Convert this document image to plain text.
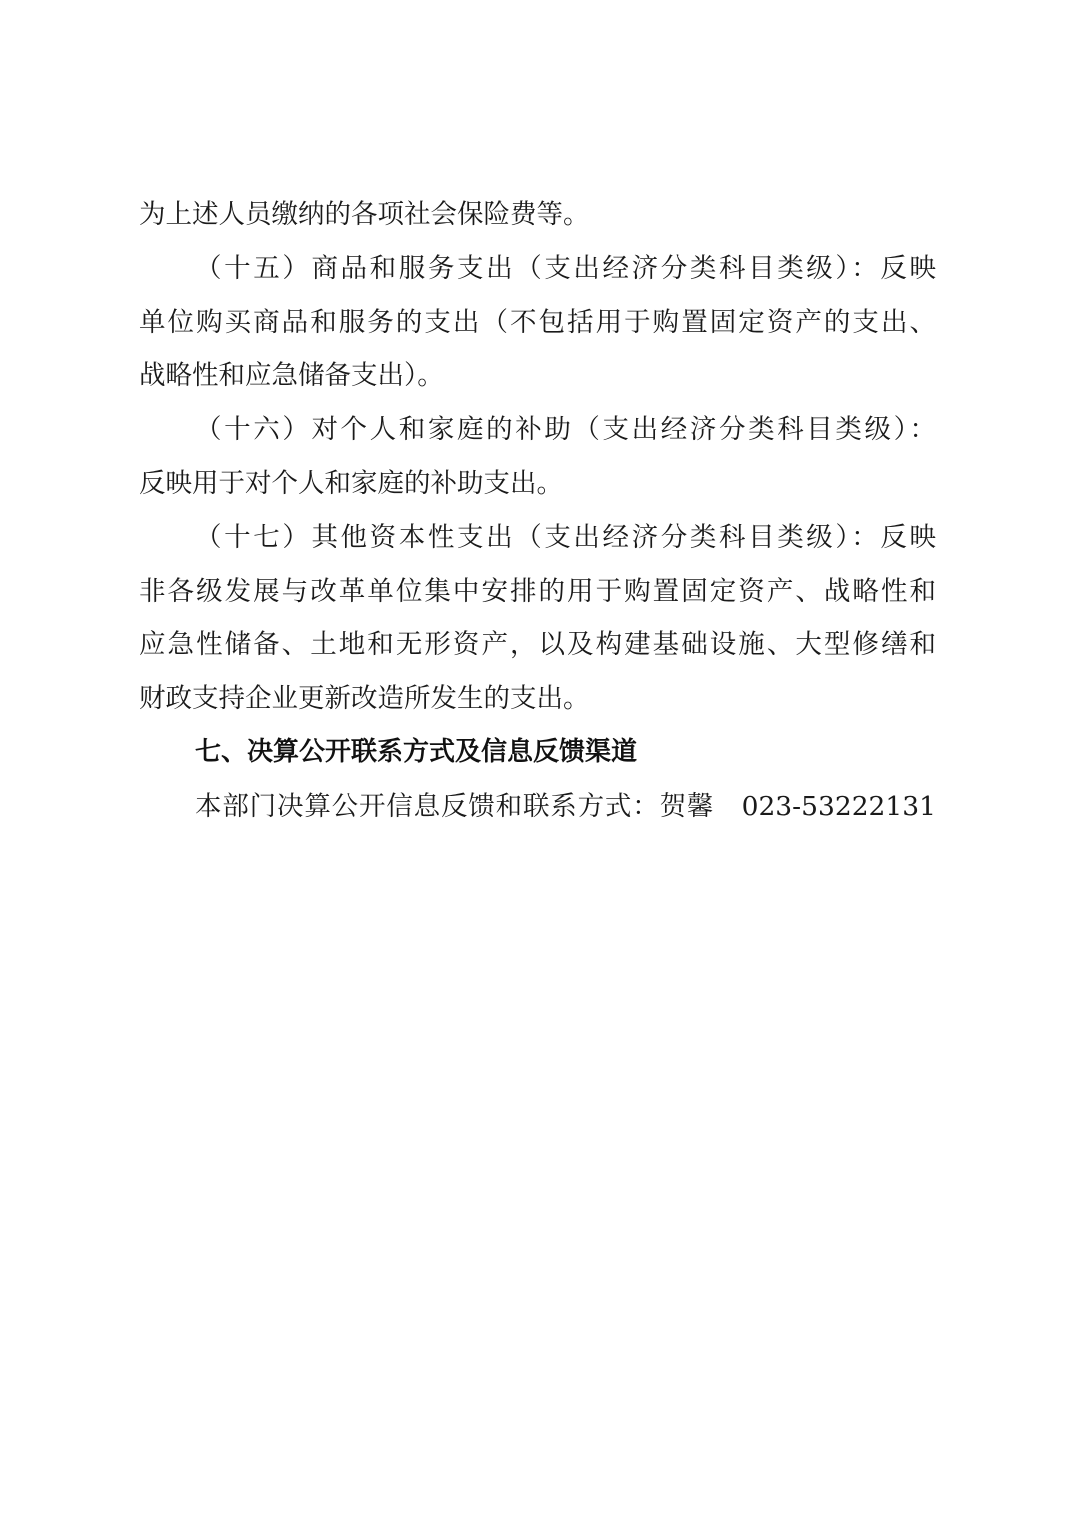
为上述人员缴纳的各项社会保险费等。
（十五）商品和服务支出（支出经济分类科目类级）：反映
单位购买商品和服务的支出（不包括用于购置固定资产的支出、
战略性和应急储备支出）。
（十六）对个人和家庭的补助（支出经济分类科目类级）：
反映用于对个人和家庭的补助支出。
（十七）其他资本性支出（支出经济分类科目类级）：反映
非各级发展与改革单位集中安排的用于购置固定资产、战略性和
应急性储备、土地和无形资产，以及构建基础设施、大型修缮和
财政支持企业更新改造所发生的支出。
七、决算公开联系方式及信息反馈渠道
本部门决算公开信息反馈和联系方式：贺馨　023-53222131
